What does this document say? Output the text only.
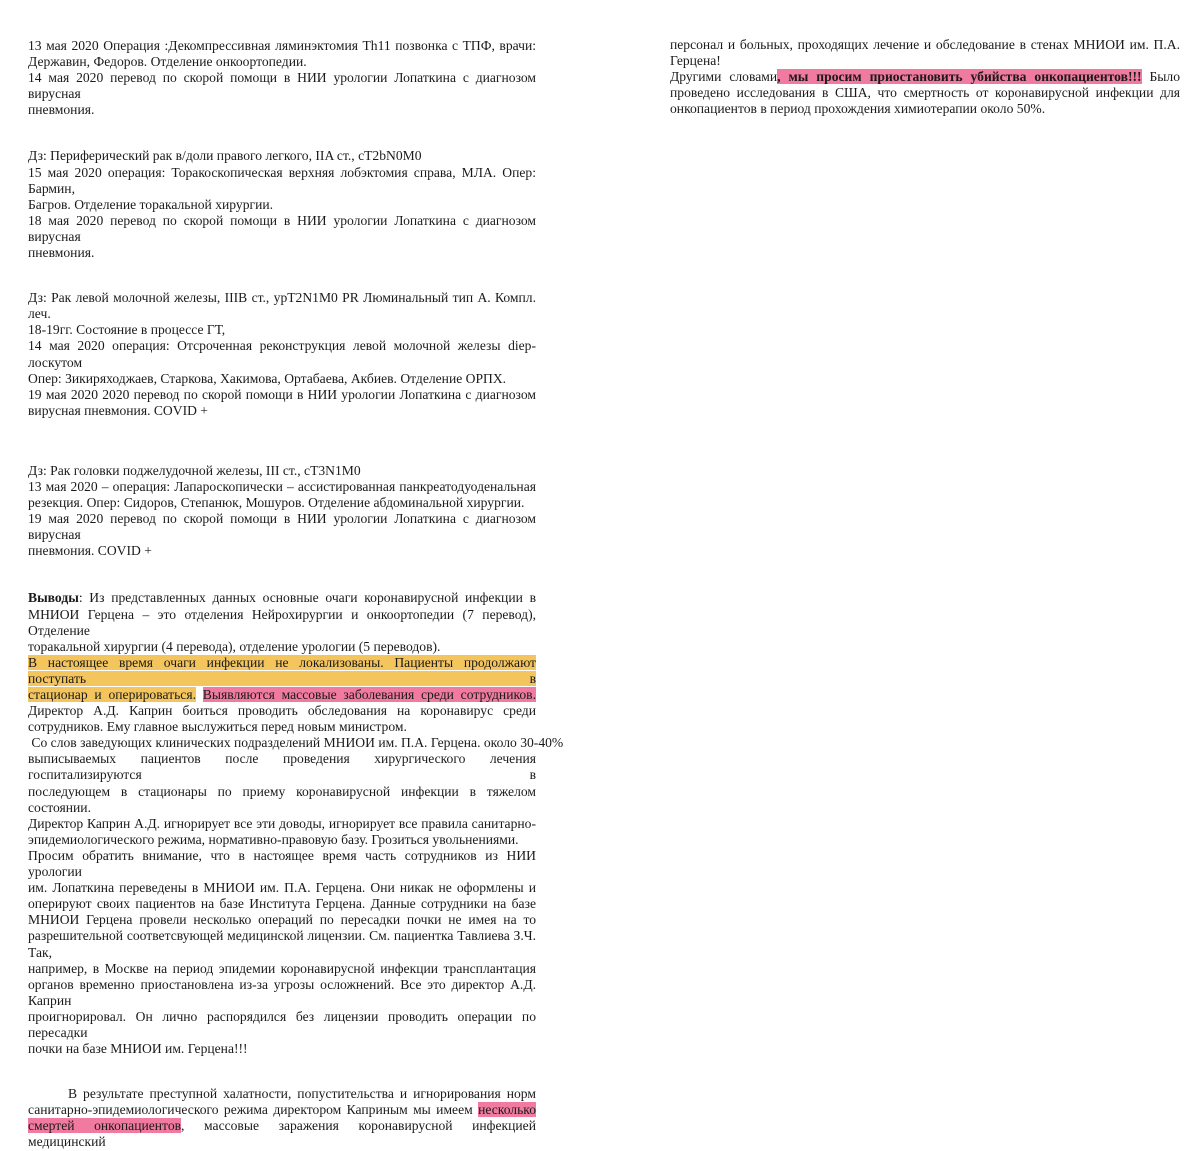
13 мая 2020 Операция :Декомпрессивная ляминэктомия Th11 позвонка с ТПФ, врачи:
Державин, Федоров. Отделение онкоортопедии.
14 мая 2020 перевод по скорой помощи в НИИ урологии Лопаткина с диагнозом вирусная
пневмония.
Дз: Периферический рак в/доли правого легкого, IIA ст., cT2bN0M0
15 мая 2020 операция: Торакоскопическая верхняя лобэктомия справа, МЛА. Опер: Бармин,
Багров. Отделение торакальной хирургии.
18 мая 2020 перевод по скорой помощи в НИИ урологии Лопаткина с диагнозом вирусная
пневмония.
Дз: Рак левой молочной железы, IIIB ст., ypT2N1M0 PR Люминальный тип А. Компл. леч.
18-19гг. Состояние в процессе ГТ,
14 мая 2020 операция: Отсроченная реконструкция левой молочной железы diep-лоскутом
Опер: Зикиряходжаев, Старкова, Хакимова, Ортабаева, Акбиев. Отделение ОРПХ.
19 мая 2020 2020 перевод по скорой помощи в НИИ урологии Лопаткина с диагнозом
вирусная пневмония. COVID +
Дз: Рак головки поджелудочной железы, III ст., cT3N1M0
13 мая 2020 – операция: Лапароскопически – ассистированная панкреатодуоденальная
резекция. Опер: Сидоров, Степанюк, Мошуров. Отделение абдоминальной хирургии.
19 мая 2020 перевод по скорой помощи в НИИ урологии Лопаткина с диагнозом вирусная
пневмония. COVID +
Выводы: Из представленных данных основные очаги коронавирусной инфекции в
МНИОИ Герцена – это отделения Нейрохирургии и онкоортопедии (7 перевод), Отделение
торакальной хирургии (4 перевода), отделение урологии (5 переводов).
В настоящее время очаги инфекции не локализованы. Пациенты продолжают поступать в
стационар и оперироваться. Выявляются массовые заболевания среди сотрудников.
Директор А.Д. Каприн боиться проводить обследования на коронавирус среди
сотрудников. Ему главное выслужиться перед новым министром.
Со слов заведующих клинических подразделений МНИОИ им. П.А. Герцена. около 30-40%
выписываемых пациентов после проведения хирургического лечения госпитализируются в
последующем в стационары по приему коронавирусной инфекции в тяжелом состоянии.
Директор Каприн А.Д. игнорирует все эти доводы, игнорирует все правила санитарно-
эпидемиологического режима, нормативно-правовую базу. Грозиться увольнениями.
Просим обратить внимание, что в настоящее время часть сотрудников из НИИ урологии
им. Лопаткина переведены в МНИОИ им. П.А. Герцена. Они никак не оформлены и
оперируют своих пациентов на базе Института Герцена. Данные сотрудники на базе
МНИОИ Герцена провели несколько операций по пересадки почки не имея на то
разрешительной соответсвующей медицинской лицензии. См. пациентка Тавлиева З.Ч. Так,
например, в Москве на период эпидемии коронавирусной инфекции трансплантация
органов временно приостановлена из-за угрозы осложнений. Все это директор А.Д. Каприн
проигнорировал. Он лично распорядился без лицензии проводить операции по пересадки
почки на базе МНИОИ им. Герцена!!!
В результате преступной халатности, попустительства и игнорирования норм
санитарно-эпидемиологического режима директором Каприным мы имеем несколько
смертей онкопациентов, массовые заражения коронавирусной инфекцией медицинский
персонал и больных, проходящих лечение и обследование в стенах МНИОИ им. П.А.
Герцена!
Другими словами, мы просим приостановить убийства онкопациентов!!! Было
проведено исследования в США, что смертность от коронавирусной инфекции для
онкопациентов в период прохождения химиотерапии около 50%.
